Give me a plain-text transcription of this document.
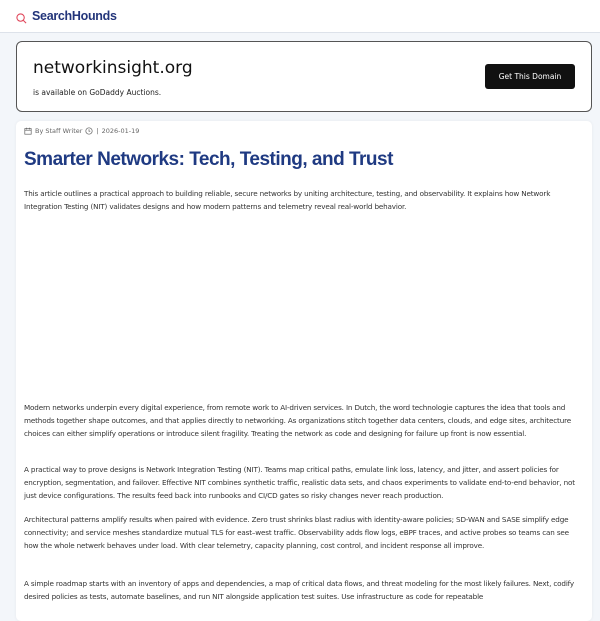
SearchHounds
networkinsight.org
is available on GoDaddy Auctions.
Get This Domain
By Staff Writer | 2026-01-19
Smarter Networks: Tech, Testing, and Trust

This article outlines a practical approach to building reliable, secure networks by uniting architecture, testing, and observability. It explains how Network Integration Testing (NIT) validates designs and how modern patterns and telemetry reveal real-world behavior.

Modern networks underpin every digital experience, from remote work to AI-driven services. In Dutch, the word technologie captures the idea that tools and methods together shape outcomes, and that applies directly to networking. As organizations stitch together data centers, clouds, and edge sites, architecture choices can either simplify operations or introduce silent fragility. Treating the network as code and designing for failure up front is now essential.

A practical way to prove designs is Network Integration Testing (NIT). Teams map critical paths, emulate link loss, latency, and jitter, and assert policies for encryption, segmentation, and failover. Effective NIT combines synthetic traffic, realistic data sets, and chaos experiments to validate end-to-end behavior, not just device configurations. The results feed back into runbooks and CI/CD gates so risky changes never reach production.

Architectural patterns amplify results when paired with evidence. Zero trust shrinks blast radius with identity-aware policies; SD-WAN and SASE simplify edge connectivity; and service meshes standardize mutual TLS for east–west traffic. Observability adds flow logs, eBPF traces, and active probes so teams can see how the whole netwerk behaves under load. With clear telemetry, capacity planning, cost control, and incident response all improve.

A simple roadmap starts with an inventory of apps and dependencies, a map of critical data flows, and threat modeling for the most likely failures. Next, codify desired policies as tests, automate baselines, and run NIT alongside application test suites. Use infrastructure as code for repeatable
